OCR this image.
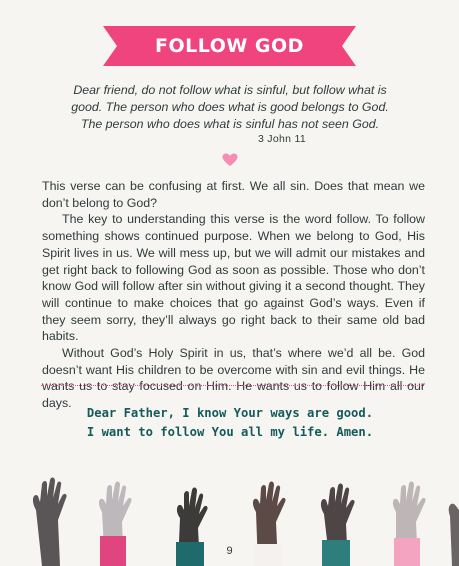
FOLLOW GOD

Dear friend, do not follow what is sinful, but follow what is

good. The person who does what is good belongs to God.

The person who does what is sinful has not seen God.

3 John 11

This verse can be confusing at first. We all sin. Does that mean we don’t belong to God?

The key to understanding this verse is the word follow. To follow something shows continued purpose. When we belong to God, His Spirit lives in us. We will mess up, but we will admit our mistakes and get right back to following God as soon as possible. Those who don’t know God will follow after sin without giving it a second thought. They will continue to make choices that go against God’s ways. Even if they seem sorry, they’ll always go right back to their same old bad habits.

Without God’s Holy Spirit in us, that’s where we’d all be. God doesn’t want His children to be overcome with sin and evil things. He wants us to stay focused on Him. He wants us to follow Him all our days.

Dear Father, I know Your ways are good.

I want to follow You all my life. Amen.

9
